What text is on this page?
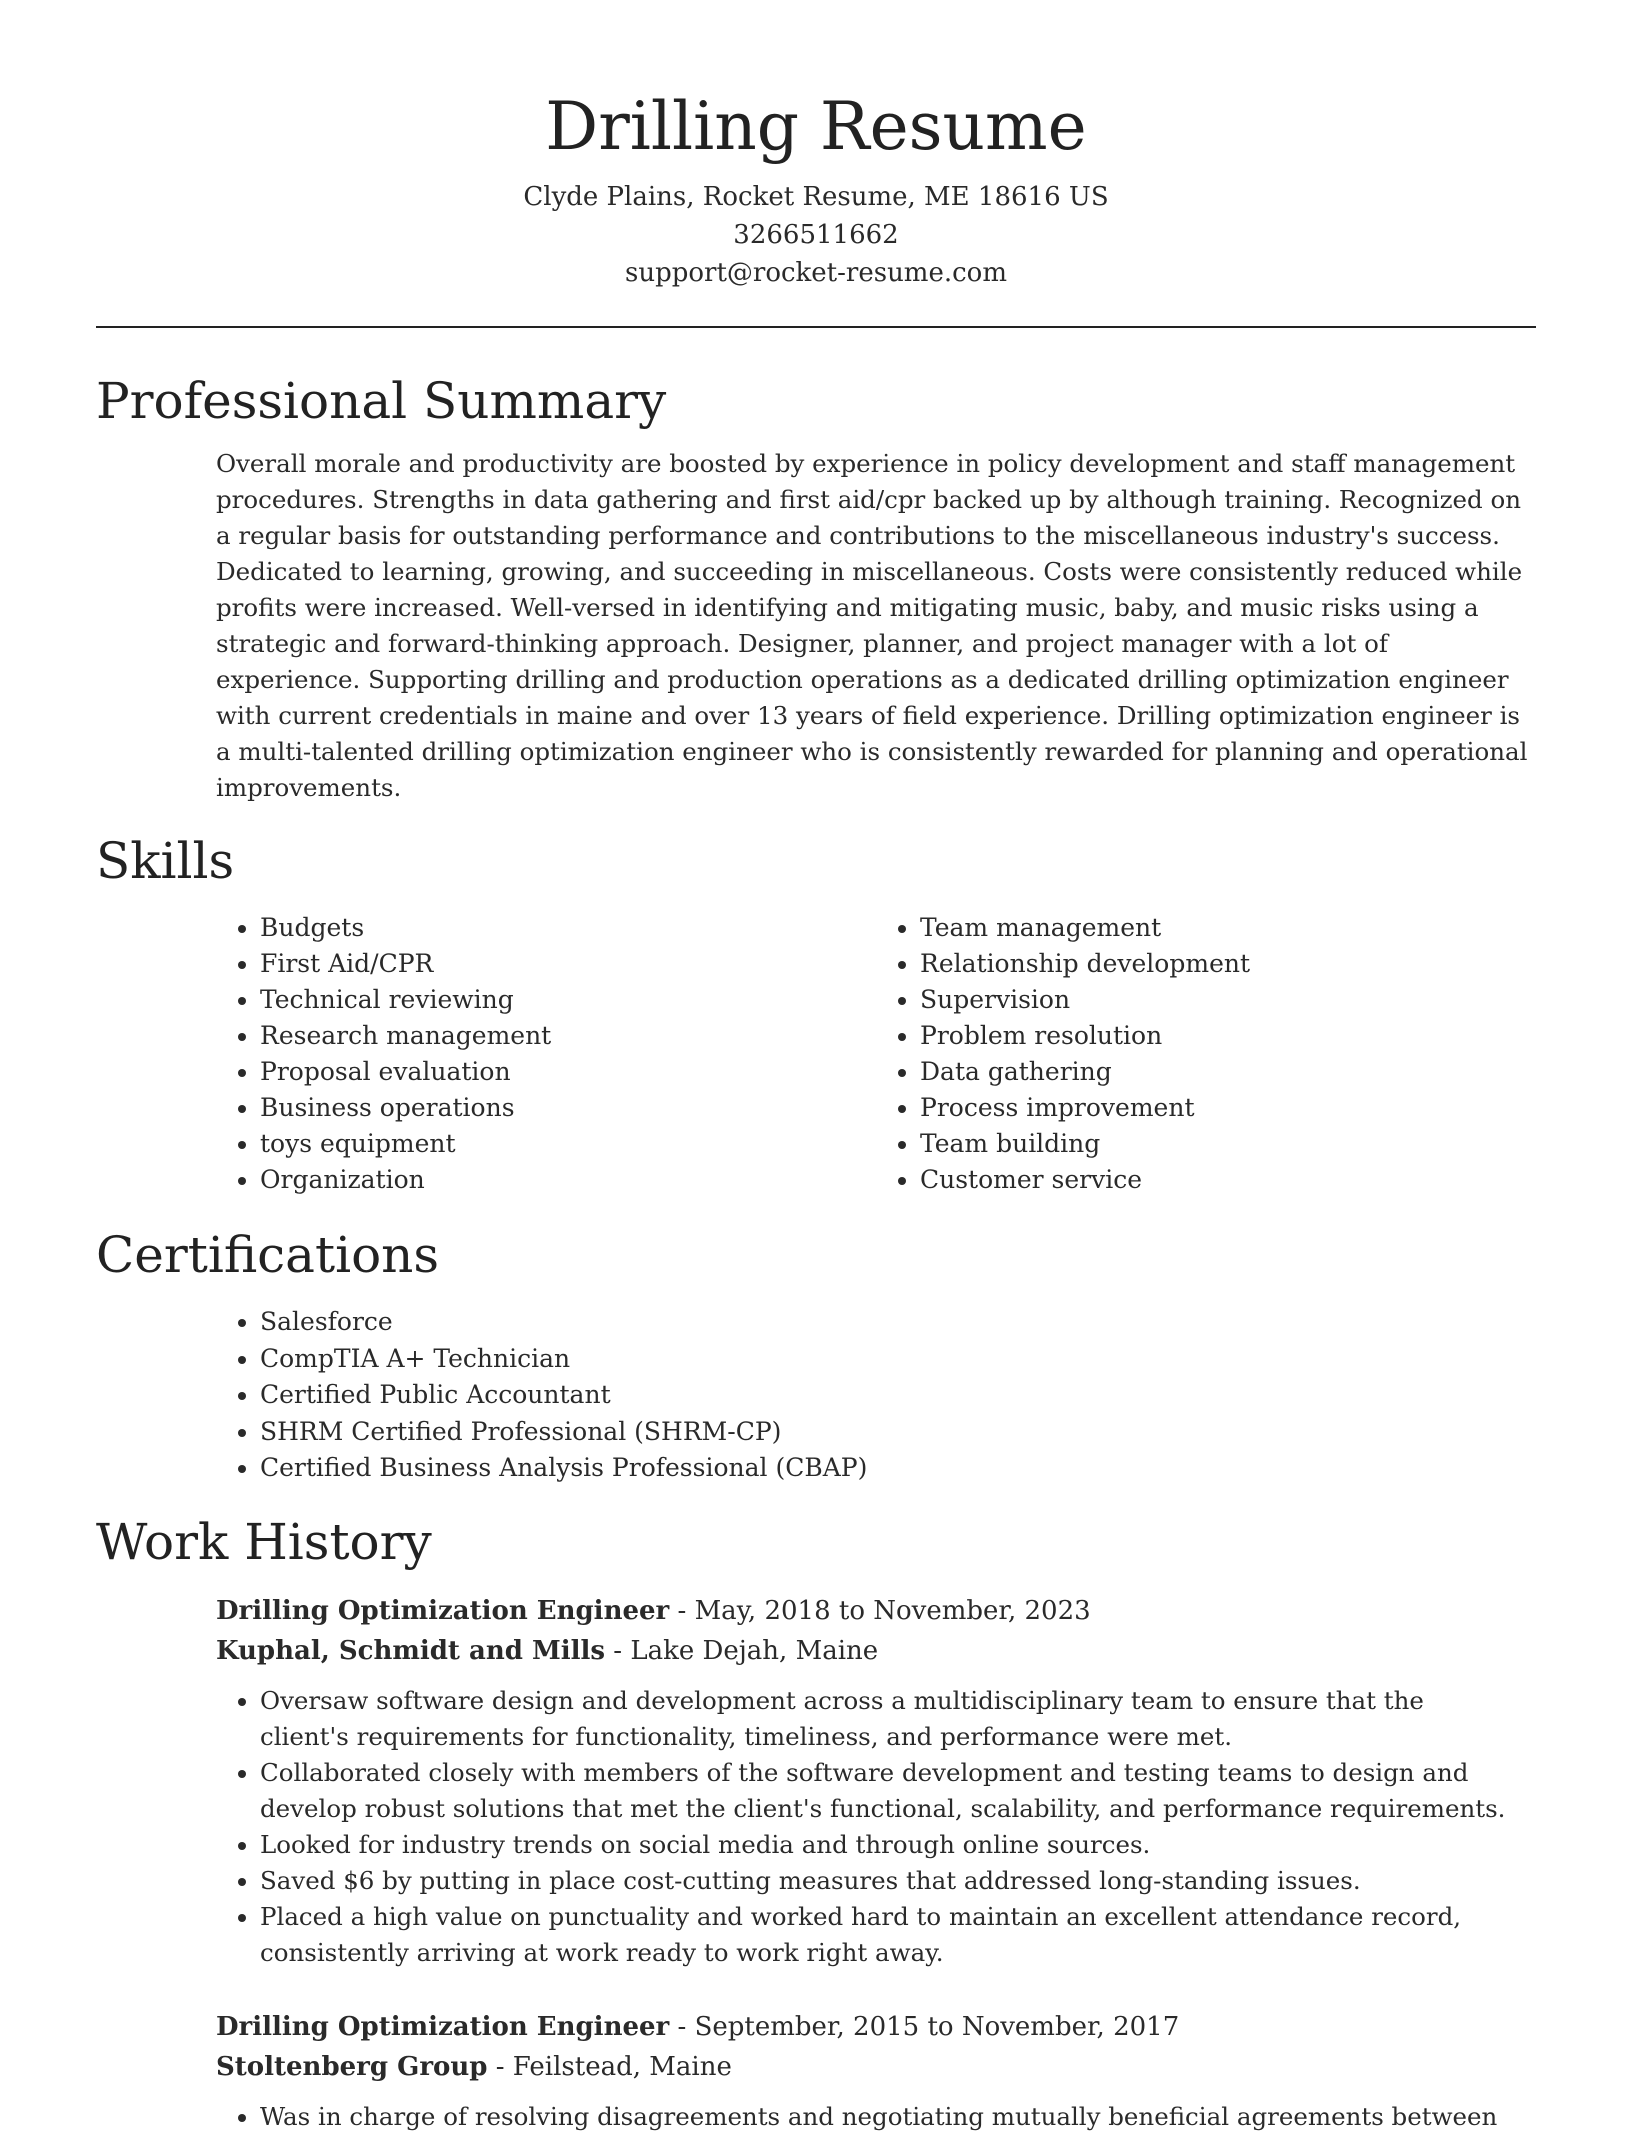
Drilling Resume
Clyde Plains, Rocket Resume, ME 18616 US
3266511662
support@rocket-resume.com
Professional Summary

Overall morale and productivity are boosted by experience in policy development and staff management procedures. Strengths in data gathering and first aid/cpr backed up by although training. Recognized on a regular basis for outstanding performance and contributions to the miscellaneous industry's success. Dedicated to learning, growing, and succeeding in miscellaneous. Costs were consistently reduced while profits were increased. Well-versed in identifying and mitigating music, baby, and music risks using a strategic and forward-thinking approach. Designer, planner, and project manager with a lot of experience. Supporting drilling and production operations as a dedicated drilling optimization engineer with current credentials in maine and over 13 years of field experience. Drilling optimization engineer is a multi-talented drilling optimization engineer who is consistently rewarded for planning and operational improvements.

Skills
• Budgets
• First Aid/CPR
• Technical reviewing
• Research management
• Proposal evaluation
• Business operations
• toys equipment
• Organization
• Team management
• Relationship development
• Supervision
• Problem resolution
• Data gathering
• Process improvement
• Team building
• Customer service
Certifications
• Salesforce
• CompTIA A+ Technician
• Certified Public Accountant
• SHRM Certified Professional (SHRM-CP)
• Certified Business Analysis Professional (CBAP)
Work History
Drilling Optimization Engineer - May, 2018 to November, 2023
Kuphal, Schmidt and Mills - Lake Dejah, Maine
• Oversaw software design and development across a multidisciplinary team to ensure that the client's requirements for functionality, timeliness, and performance were met.
• Collaborated closely with members of the software development and testing teams to design and develop robust solutions that met the client's functional, scalability, and performance requirements.
• Looked for industry trends on social media and through online sources.
• Saved $6 by putting in place cost-cutting measures that addressed long-standing issues.
• Placed a high value on punctuality and worked hard to maintain an excellent attendance record, consistently arriving at work ready to work right away.
Drilling Optimization Engineer - September, 2015 to November, 2017
Stoltenberg Group - Feilstead, Maine
• Was in charge of resolving disagreements and negotiating mutually beneficial agreements between
